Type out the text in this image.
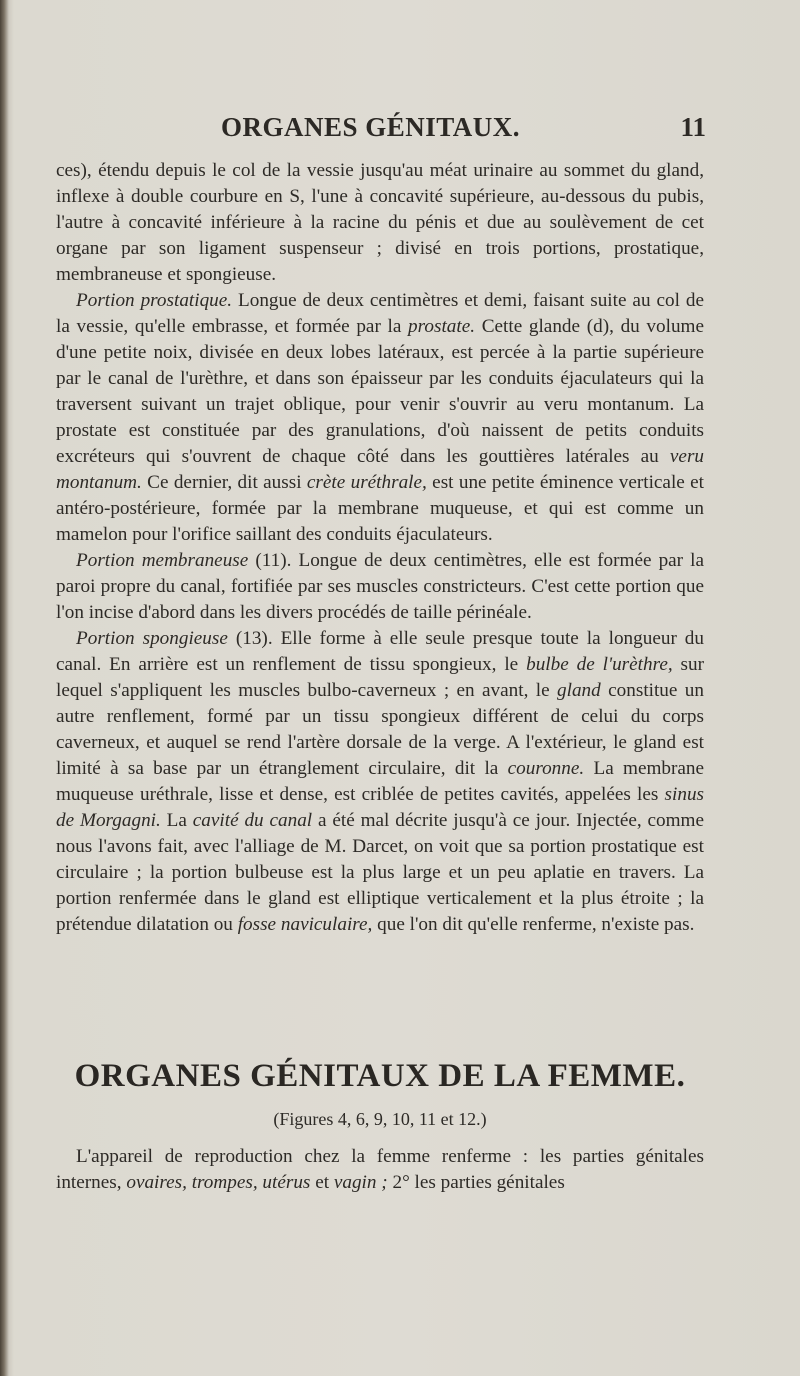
ORGANES GÉNITAUX.	11

ces), étendu depuis le col de la vessie jusqu'au méat urinaire au sommet du gland, inflexe à double courbure en S, l'une à concavité supérieure, au-dessous du pubis, l'autre à concavité inférieure à la racine du pénis et due au soulèvement de cet organe par son ligament suspenseur ; divisé en trois portions, prostatique, membraneuse et spongieuse.

Portion prostatique. Longue de deux centimètres et demi, faisant suite au col de la vessie, qu'elle embrasse, et formée par la prostate. Cette glande (d), du volume d'une petite noix, divisée en deux lobes latéraux, est percée à la partie supérieure par le canal de l'urèthre, et dans son épaisseur par les conduits éjaculateurs qui la traversent suivant un trajet oblique, pour venir s'ouvrir au veru montanum. La prostate est constituée par des granulations, d'où naissent de petits conduits excréteurs qui s'ouvrent de chaque côté dans les gouttières latérales au veru montanum. Ce dernier, dit aussi crète uréthrale, est une petite éminence verticale et antéro-postérieure, formée par la membrane muqueuse, et qui est comme un mamelon pour l'orifice saillant des conduits éjaculateurs.

Portion membraneuse (11). Longue de deux centimètres, elle est formée par la paroi propre du canal, fortifiée par ses muscles constricteurs. C'est cette portion que l'on incise d'abord dans les divers procédés de taille périnéale.

Portion spongieuse (13). Elle forme à elle seule presque toute la longueur du canal. En arrière est un renflement de tissu spongieux, le bulbe de l'urèthre, sur lequel s'appliquent les muscles bulbo-caverneux ; en avant, le gland constitue un autre renflement, formé par un tissu spongieux différent de celui du corps caverneux, et auquel se rend l'artère dorsale de la verge. A l'extérieur, le gland est limité à sa base par un étranglement circulaire, dit la couronne. La membrane muqueuse uréthrale, lisse et dense, est criblée de petites cavités, appelées les sinus de Morgagni. La cavité du canal a été mal décrite jusqu'à ce jour. Injectée, comme nous l'avons fait, avec l'alliage de M. Darcet, on voit que sa portion prostatique est circulaire ; la portion bulbeuse est la plus large et un peu aplatie en travers. La portion renfermée dans le gland est elliptique verticalement et la plus étroite ; la prétendue dilatation ou fosse naviculaire, que l'on dit qu'elle renferme, n'existe pas.

ORGANES GÉNITAUX DE LA FEMME.
(Figures 4, 6, 9, 10, 11 et 12.)

L'appareil de reproduction chez la femme renferme : les parties génitales internes, ovaires, trompes, utérus et vagin ; 2° les parties génitales
